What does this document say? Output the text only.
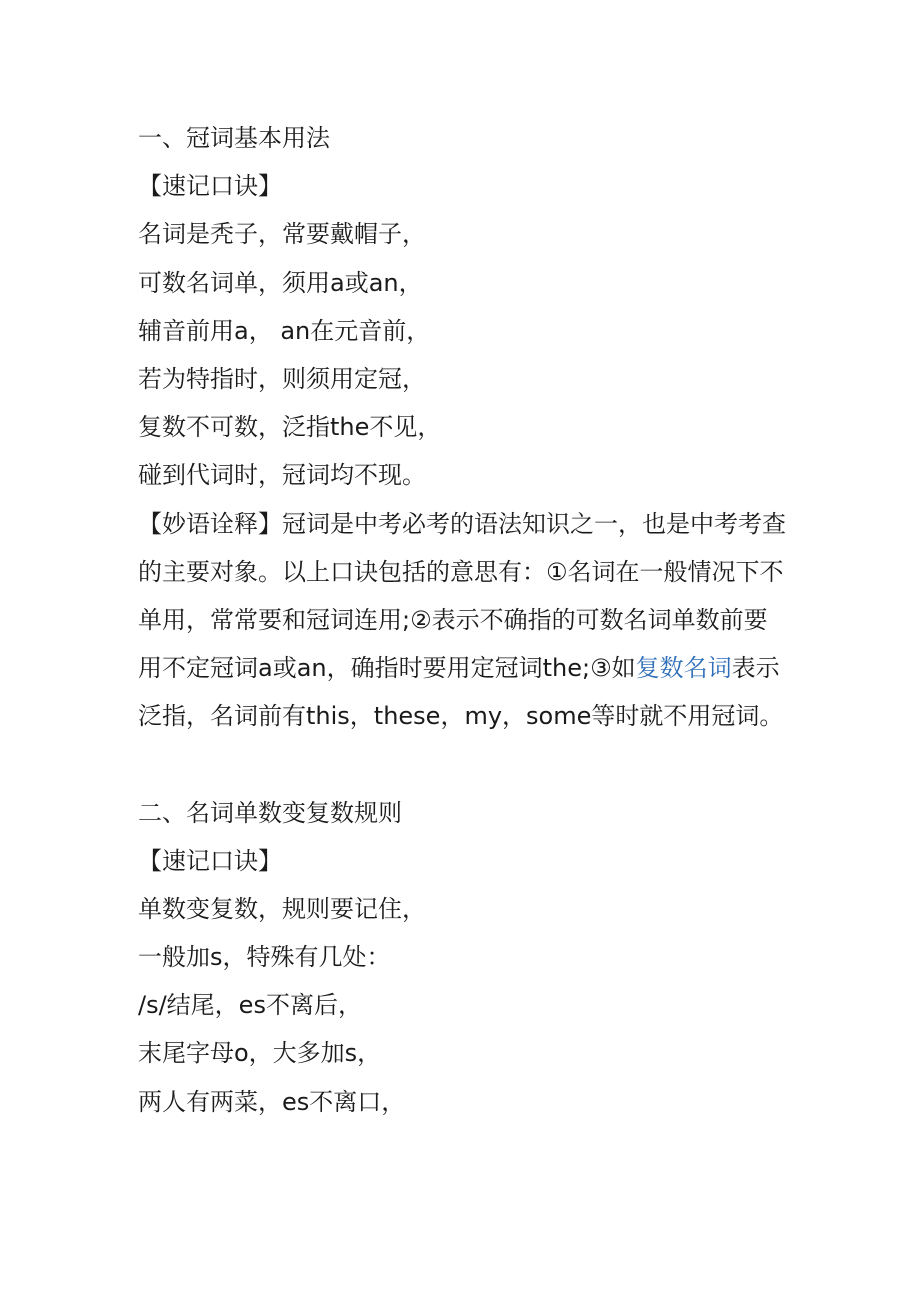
一、冠词基本用法
【速记口诀】
名词是秃子，常要戴帽子，
可数名词单，须用a或an，
辅音前用a， an在元音前，
若为特指时，则须用定冠，
复数不可数，泛指the不见，
碰到代词时，冠词均不现。
【妙语诠释】冠词是中考必考的语法知识之一，也是中考考查的主要对象。以上口诀包括的意思有：①名词在一般情况下不单用，常常要和冠词连用;②表示不确指的可数名词单数前要用不定冠词a或an，确指时要用定冠词the;③如复数名词表示泛指，名词前有this，these，my，some等时就不用冠词。
二、名词单数变复数规则
【速记口诀】
单数变复数，规则要记住，
一般加s，特殊有几处：
/s/结尾，es不离后，
末尾字母o，大多加s，
两人有两菜，es不离口，
